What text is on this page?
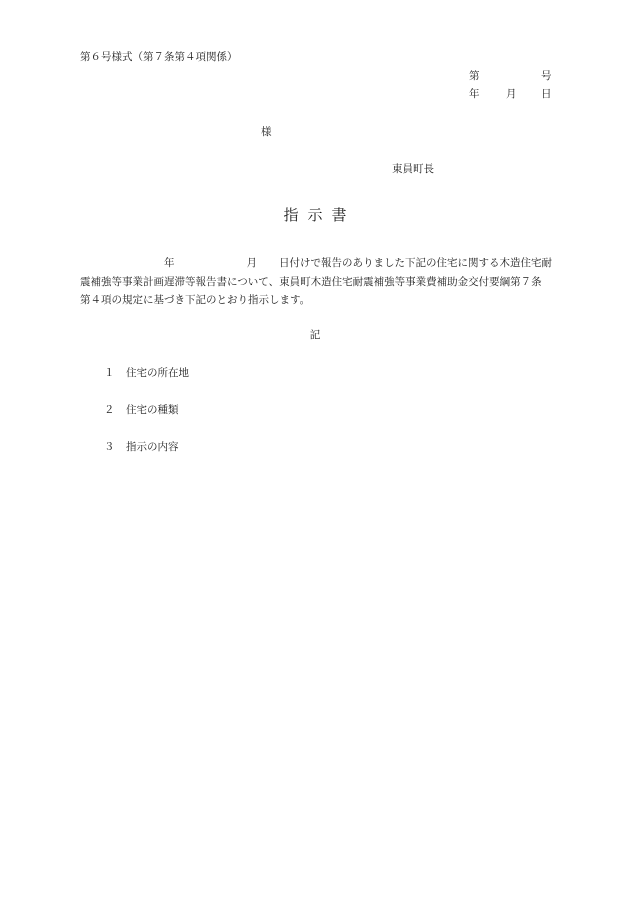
第６号様式（第７条第４項関係）
第	号
年	月 日
様
東員町長
指示書
年	月 日付けで報告のありました下記の住宅に関する木造住宅耐震補強等事業計画遅滞等報告書について、東員町木造住宅耐震補強等事業費補助金交付要綱第７条第４項の規定に基づき下記のとおり指示します。
記
１ 住宅の所在地
２ 住宅の種類
３ 指示の内容
